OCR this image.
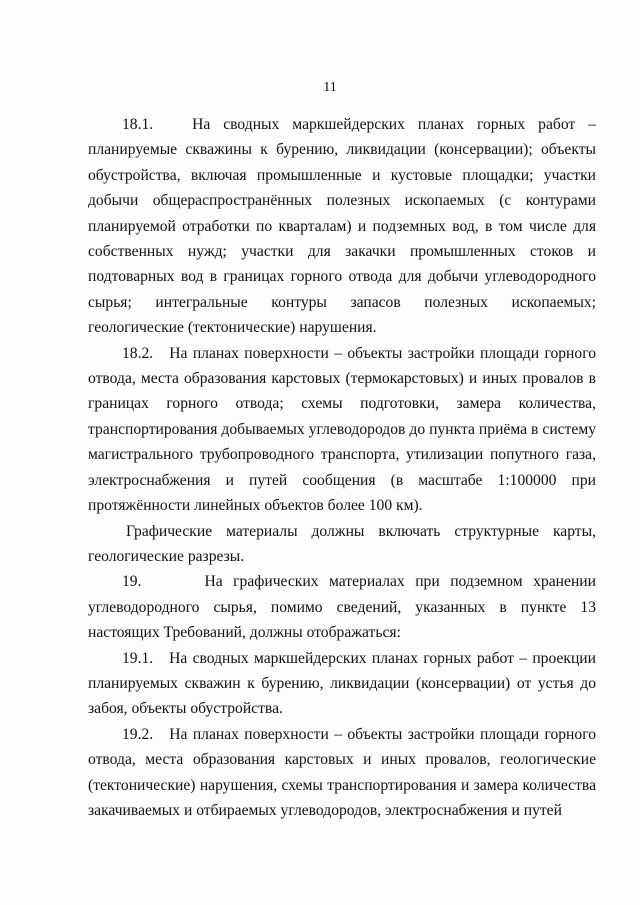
11

18.1.   На сводных маркшейдерских планах горных работ – планируемые скважины к бурению, ликвидации (консервации); объекты обустройства, включая промышленные и кустовые площадки; участки добычи общераспространённых полезных ископаемых (с контурами планируемой отработки по кварталам) и подземных вод, в том числе для собственных нужд; участки для закачки промышленных стоков и подтоварных вод в границах горного отвода для добычи углеводородного сырья; интегральные контуры запасов полезных ископаемых; геологические (тектонические) нарушения.

18.2.   На планах поверхности – объекты застройки площади горного отвода, места образования карстовых (термокарстовых) и иных провалов в границах горного отвода; схемы подготовки, замера количества, транспортирования добываемых углеводородов до пункта приёма в систему магистрального трубопроводного транспорта, утилизации попутного газа, электроснабжения и путей сообщения (в масштабе 1:100000 при протяжённости линейных объектов более 100 км).

Графические материалы должны включать структурные карты, геологические разрезы.

19.      На графических материалах при подземном хранении углеводородного сырья, помимо сведений, указанных в пункте 13 настоящих Требований, должны отображаться:

19.1.   На сводных маркшейдерских планах горных работ – проекции планируемых скважин к бурению, ликвидации (консервации) от устья до забоя, объекты обустройства.

19.2.   На планах поверхности – объекты застройки площади горного отвода, места образования карстовых и иных провалов, геологические (тектонические) нарушения, схемы транспортирования и замера количества закачиваемых и отбираемых углеводородов, электроснабжения и путей
